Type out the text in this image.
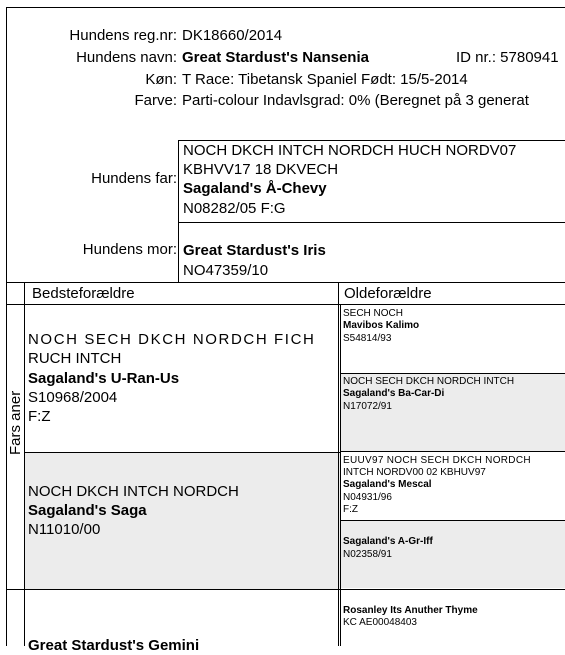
Hundens reg.nr: DK18660/2014
Hundens navn: Great Stardust's Nansenia	ID nr.: 5780941
Køn: T Race: Tibetansk Spaniel Født: 15/5-2014
Farve: Parti-colour Indavlsgrad: 0% (Beregnet på 3 generat
Hundens far:
NOCH DKCH INTCH NORDCH HUCH NORDV07
KBHVV17 18 DKVECH
Sagaland's Å-Chevy
N08282/05 F:G
Hundens mor: Great Stardust's Iris
NO47359/10
Bedsteforældre	Oldeforældre
Fars aner
NOCH SECH DKCH NORDCH FICH
RUCH INTCH
Sagaland's U-Ran-Us
S10968/2004
F:Z
NOCH DKCH INTCH NORDCH
Sagaland's Saga
N11010/00
Great Stardust's Gemini
SECH NOCH
Mavibos Kalimo
S54814/93
NOCH SECH DKCH NORDCH INTCH
Sagaland's Ba-Car-Di
N17072/91
EUUV97 NOCH SECH DKCH NORDCH
INTCH NORDV00 02 KBHUV97
Sagaland's Mescal
N04931/96
F:Z
Sagaland's A-Gr-Iff
N02358/91
Rosanley Its Anuther Thyme
KC AE00048403
